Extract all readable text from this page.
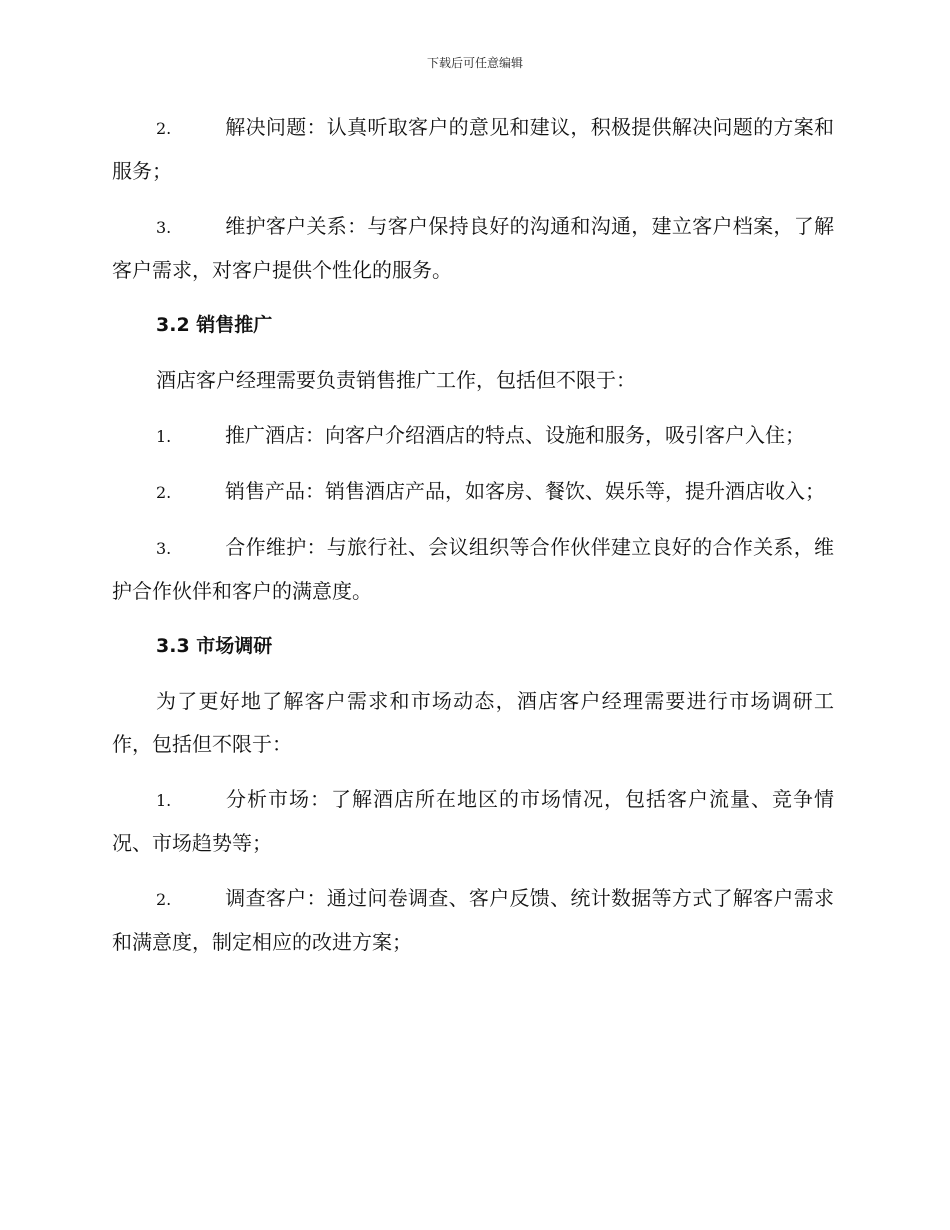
下载后可任意编辑

2.	解决问题：认真听取客户的意见和建议，积极提供解决问题的方案和服务；

3.	维护客户关系：与客户保持良好的沟通和沟通，建立客户档案，了解客户需求，对客户提供个性化的服务。

3.2 销售推广

酒店客户经理需要负责销售推广工作，包括但不限于：

1.	推广酒店：向客户介绍酒店的特点、设施和服务，吸引客户入住；

2.	销售产品：销售酒店产品，如客房、餐饮、娱乐等，提升酒店收入；

3.	合作维护：与旅行社、会议组织等合作伙伴建立良好的合作关系，维护合作伙伴和客户的满意度。

3.3 市场调研

为了更好地了解客户需求和市场动态，酒店客户经理需要进行市场调研工作，包括但不限于：

1.	分析市场：了解酒店所在地区的市场情况，包括客户流量、竞争情况、市场趋势等；

2.	调查客户：通过问卷调查、客户反馈、统计数据等方式了解客户需求和满意度，制定相应的改进方案；
